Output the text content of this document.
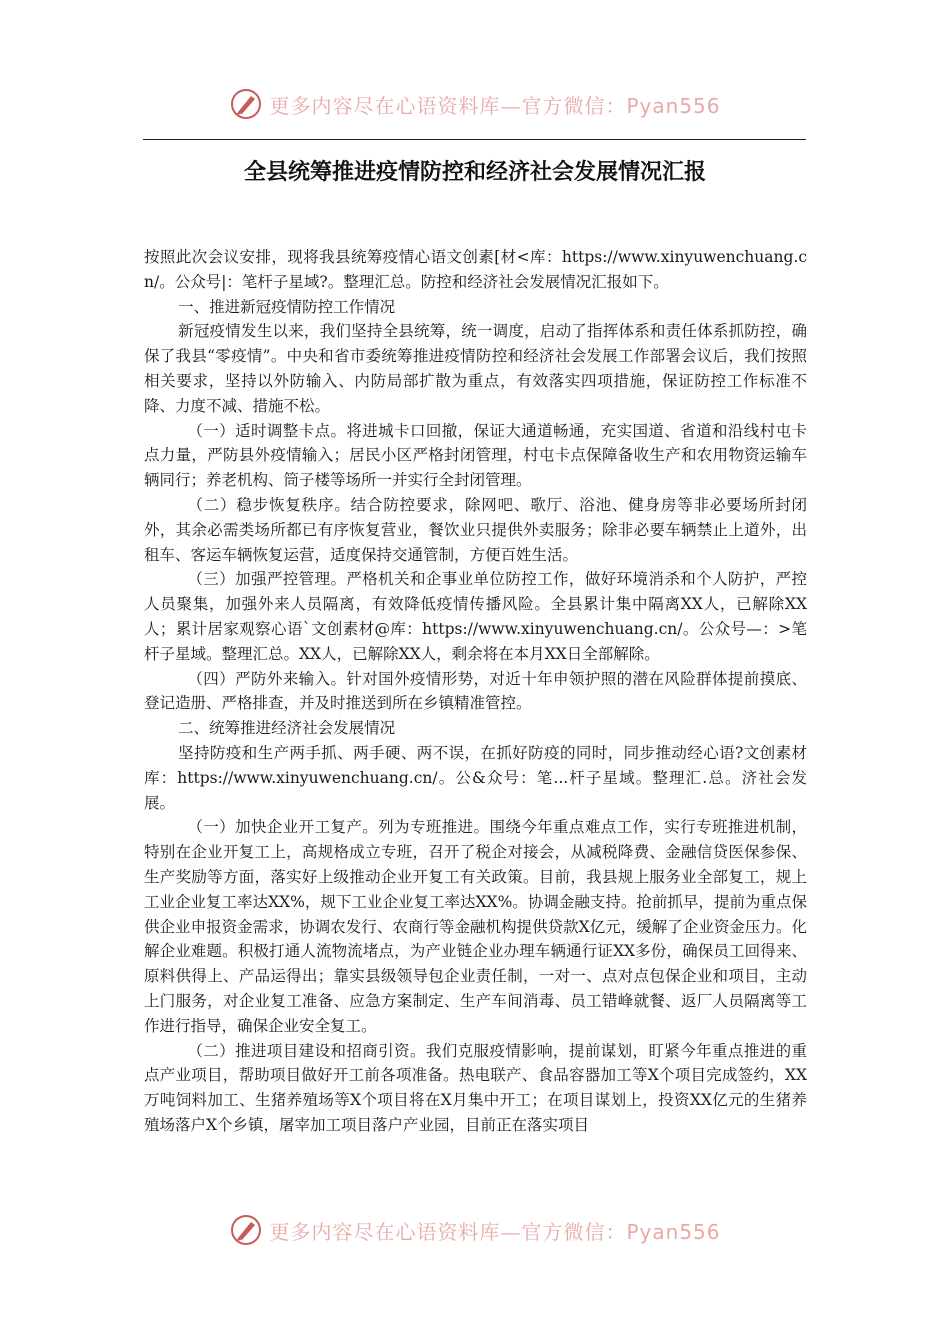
更多内容尽在心语资料库—官方微信：Pyan556
全县统筹推进疫情防控和经济社会发展情况汇报

按照此次会议安排，现将我县统筹疫情心语文创素[材<库：https://www.xinyuwenchuang.cn/。公众号|：笔杆子星域?。整理汇总。防控和经济社会发展情况汇报如下。

一、推进新冠疫情防控工作情况

新冠疫情发生以来，我们坚持全县统筹，统一调度，启动了指挥体系和责任体系抓防控，确保了我县“零疫情”。中央和省市委统筹推进疫情防控和经济社会发展工作部署会议后，我们按照相关要求，坚持以外防输入、内防局部扩散为重点，有效落实四项措施，保证防控工作标准不降、力度不减、措施不松。

（一）适时调整卡点。将进城卡口回撤，保证大通道畅通，充实国道、省道和沿线村屯卡点力量，严防县外疫情输入；居民小区严格封闭管理，村屯卡点保障备收生产和农用物资运输车辆同行；养老机构、筒子楼等场所一并实行全封闭管理。

（二）稳步恢复秩序。结合防控要求，除网吧、歌厅、浴池、健身房等非必要场所封闭外，其余必需类场所都已有序恢复营业，餐饮业只提供外卖服务；除非必要车辆禁止上道外，出租车、客运车辆恢复运营，适度保持交通管制，方便百姓生活。

（三）加强严控管理。严格机关和企事业单位防控工作，做好环境消杀和个人防护，严控人员聚集，加强外来人员隔离，有效降低疫情传播风险。全县累计集中隔离XX人，已解除XX人；累计居家观察心语`文创素材@库：https://www.xinyuwenchuang.cn/。公众号—：>笔杆子星域。整理汇总。XX人，已解除XX人，剩余将在本月XX日全部解除。

（四）严防外来输入。针对国外疫情形势，对近十年申领护照的潜在风险群体提前摸底、登记造册、严格排查，并及时推送到所在乡镇精准管控。

二、统筹推进经济社会发展情况

坚持防疫和生产两手抓、两手硬、两不误，在抓好防疫的同时，同步推动经心语?文创素材库：https://www.xinyuwenchuang.cn/。公&众号：笔...杆子星域。整理汇.总。济社会发展。

（一）加快企业开工复产。列为专班推进。围绕今年重点难点工作，实行专班推进机制，特别在企业开复工上，高规格成立专班，召开了税企对接会，从减税降费、金融信贷医保参保、生产奖励等方面，落实好上级推动企业开复工有关政策。目前，我县规上服务业全部复工，规上工业企业复工率达XX%，规下工业企业复工率达XX%。协调金融支持。抢前抓早，提前为重点保供企业申报资金需求，协调农发行、农商行等金融机构提供贷款X亿元，缓解了企业资金压力。化解企业难题。积极打通人流物流堵点，为产业链企业办理车辆通行证XX多份，确保员工回得来、原料供得上、产品运得出；靠实县级领导包企业责任制，一对一、点对点包保企业和项目，主动上门服务，对企业复工准备、应急方案制定、生产车间消毒、员工错峰就餐、返厂人员隔离等工作进行指导，确保企业安全复工。

（二）推进项目建设和招商引资。我们克服疫情影响，提前谋划，盯紧今年重点推进的重点产业项目，帮助项目做好开工前各项准备。热电联产、食品容器加工等X个项目完成签约，XX万吨饲料加工、生猪养殖场等X个项目将在X月集中开工；在项目谋划上，投资XX亿元的生猪养殖场落户X个乡镇，屠宰加工项目落户产业园，目前正在落实项目

更多内容尽在心语资料库—官方微信：Pyan556
